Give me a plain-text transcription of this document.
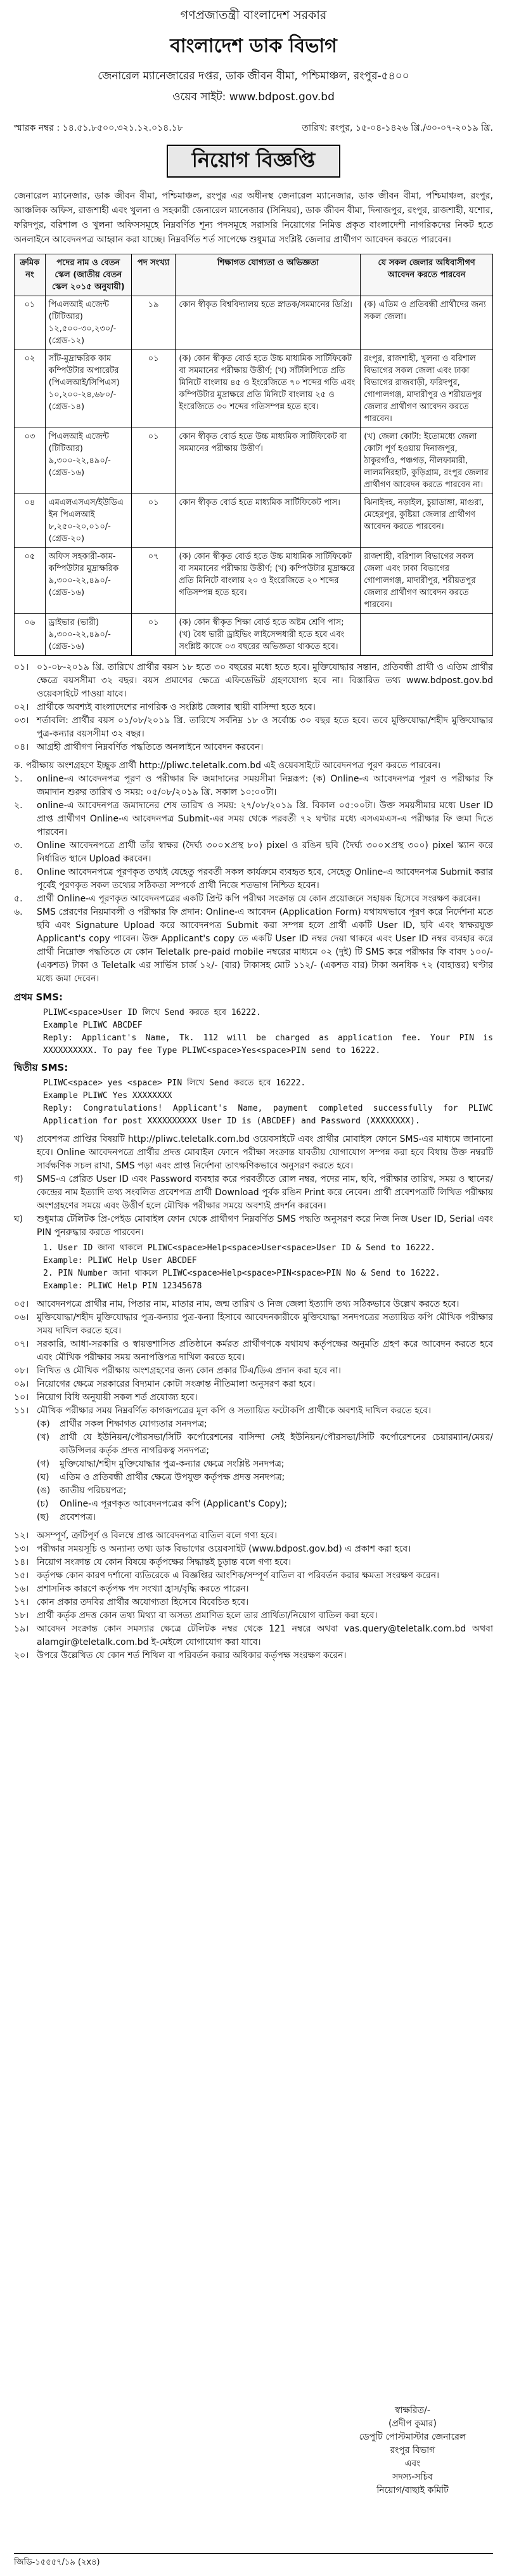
গণপ্রজাতন্ত্রী বাংলাদেশ সরকার
বাংলাদেশ ডাক বিভাগ
জেনারেল ম্যানেজারের দপ্তর, ডাক জীবন বীমা, পশ্চিমাঞ্চল, রংপুর-৫৪০০
ওয়েব সাইট: www.bdpost.gov.bd
স্মারক নম্বর : ১৪.৫১.৮৫০০.৩২১.১২.০১৪.১৮	তারিখ: রংপুর, ১৫-০৪-১৪২৬ খ্রি./৩০-০৭-২০১৯ খ্রি.
নিয়োগ বিজ্ঞপ্তি
জেনারেল ম্যানেজার, ডাক জীবন বীমা, পশ্চিমাঞ্চল, রংপুর এর অধীনস্থ জেনারেল ম্যানেজার, ডাক জীবন বীমা, পশ্চিমাঞ্চল, রংপুর, আঞ্চলিক অফিস, রাজশাহী এবং খুলনা ও সহকারী জেনারেল ম্যানেজার (সিনিয়র), ডাক জীবন বীমা, দিনাজপুর, রংপুর, রাজশাহী, যশোর, ফরিদপুর, বরিশাল ও খুলনা অফিসসমূহে নিম্নবর্ণিত শূন্য পদসমূহে সরাসরি নিয়োগের নিমিত্ত প্রকৃত বাংলাদেশী নাগরিকদের নিকট হতে অনলাইনে আবেদনপত্র আহ্বান করা যাচ্ছে। নিম্নবর্ণিত শর্ত সাপেক্ষে শুধুমাত্র সংশ্লিষ্ট জেলার প্রার্থীগণ আবেদন করতে পারবেন।
ক্রমিক নং	পদের নাম ও বেতন স্কেল (জাতীয় বেতন স্কেল ২০১৫ অনুযায়ী)	পদ সংখ্যা	শিক্ষাগত যোগ্যতা ও অভিজ্ঞতা	যে সকল জেলার অধিবাসীগণ আবেদন করতে পারবেন
০১	পিএলআই এজেন্ট (টিটিআর) ১২,৫০০-৩০,২৩০/- (গ্রেড-১২)	১৯	কোন স্বীকৃত বিশ্ববিদ্যালয় হতে স্নাতক/সমমানের ডিগ্রি।	(ক) এতিম ও প্রতিবন্ধী প্রার্থীদের জন্য সকল জেলা।
০২	সাঁট-মুদ্রাক্ষরিক কাম কম্পিউটার অপারেটর (পিএলআই/সিপিএস) ১০,২০০-২৪,৬৮০/- (গ্রেড-১৪)	০১	(ক) কোন স্বীকৃত বোর্ড হতে উচ্চ মাধ্যমিক সার্টিফিকেট বা সমমানের পরীক্ষায় উত্তীর্ণ; (খ) সাঁটলিপিতে প্রতি মিনিটে বাংলায় ৪৫ ও ইংরেজিতে ৭০ শব্দের গতি এবং কম্পিউটার মুদ্রাক্ষরে প্রতি মিনিটে বাংলায় ২৫ ও ইংরেজিতে ৩০ শব্দের গতিসম্পন্ন হতে হবে।	রংপুর, রাজশাহী, খুলনা ও বরিশাল বিভাগের সকল জেলা এবং ঢাকা বিভাগের রাজবাড়ী, ফরিদপুর, গোপালগঞ্জ, মাদারীপুর ও শরীয়তপুর জেলার প্রার্থীগণ আবেদন করতে পারবেন।
০৩	পিএলআই এজেন্ট (টিটিআর) ৯,৩০০-২২,৪৯০/- (গ্রেড-১৬)	০১	কোন স্বীকৃত বোর্ড হতে উচ্চ মাধ্যমিক সার্টিফিকেট বা সমমানের পরীক্ষায় উত্তীর্ণ।	(খ) জেলা কোটা: ইতোমধ্যে জেলা কোটা পূর্ণ হওয়ায় দিনাজপুর, ঠাকুরগাঁও, পঞ্চগড়, নীলফামারী, লালমনিরহাট, কুড়িগ্রাম, রংপুর জেলার প্রার্থীগণ আবেদন করতে পারবেন না।
০৪	এমএলএসএস/ইউডিএ ইন পিএলআই ৮,২৫০-২০,০১০/- (গ্রেড-২০)	০১	কোন স্বীকৃত বোর্ড হতে মাধ্যমিক সার্টিফিকেট পাস।	ঝিনাইদহ, নড়াইল, চুয়াডাঙ্গা, মাগুরা, মেহেরপুর, কুষ্টিয়া জেলার প্রার্থীগণ আবেদন করতে পারবেন।
০৫	অফিস সহকারী-কাম-কম্পিউটার মুদ্রাক্ষরিক ৯,৩০০-২২,৪৯০/- (গ্রেড-১৬)	০৭	(ক) কোন স্বীকৃত বোর্ড হতে উচ্চ মাধ্যমিক সার্টিফিকেট বা সমমানের পরীক্ষায় উত্তীর্ণ; (খ) কম্পিউটার মুদ্রাক্ষরে প্রতি মিনিটে বাংলায় ২০ ও ইংরেজিতে ২০ শব্দের গতিসম্পন্ন হতে হবে।	রাজশাহী, বরিশাল বিভাগের সকল জেলা এবং ঢাকা বিভাগের গোপালগঞ্জ, মাদারীপুর, শরীয়তপুর জেলার প্রার্থীগণ আবেদন করতে পারবেন।
০৬	ড্রাইভার (ভারী) ৯,৩০০-২২,৪৯০/- (গ্রেড-১৬)	০১	(ক) কোন স্বীকৃত শিক্ষা বোর্ড হতে অষ্টম শ্রেণি পাস; (খ) বৈধ ভারী ড্রাইভিং লাইসেন্সধারী হতে হবে এবং সংশ্লিষ্ট কাজে ০৩ বছরের অভিজ্ঞতা থাকতে হবে।	
০১। ০১-০৮-২০১৯ খ্রি. তারিখে প্রার্থীর বয়স ১৮ হতে ৩০ বছরের মধ্যে হতে হবে। মুক্তিযোদ্ধার সন্তান, প্রতিবন্ধী প্রার্থী ও এতিম প্রার্থীর ক্ষেত্রে বয়সসীমা ৩২ বছর। বয়স প্রমাণের ক্ষেত্রে এফিডেভিট গ্রহণযোগ্য হবে না। বিস্তারিত তথ্য www.bdpost.gov.bd ওয়েবসাইটে পাওয়া যাবে।
০২। প্রার্থীকে অবশ্যই বাংলাদেশের নাগরিক ও সংশ্লিষ্ট জেলার স্থায়ী বাসিন্দা হতে হবে।
০৩। শর্তাবলি: প্রার্থীর বয়স ০১/০৮/২০১৯ খ্রি. তারিখে সর্বনিম্ন ১৮ ও সর্বোচ্চ ৩০ বছর হতে হবে। তবে মুক্তিযোদ্ধা/শহীদ মুক্তিযোদ্ধার পুত্র-কন্যার বয়সসীমা ৩২ বছর।
০৪। আগ্রহী প্রার্থীগণ নিম্নবর্ণিত পদ্ধতিতে অনলাইনে আবেদন করবেন।
ক. পরীক্ষায় অংশগ্রহণে ইচ্ছুক প্রার্থী http://pliwc.teletalk.com.bd এই ওয়েবসাইটে আবেদনপত্র পূরণ করতে পারবেন।
১.	online-এ আবেদনপত্র পূরণ ও পরীক্ষার ফি জমাদানের সময়সীমা নিম্নরূপ: (ক) Online-এ আবেদনপত্র পূরণ ও পরীক্ষার ফি জমাদান শুরুর তারিখ ও সময়: ০৫/০৮/২০১৯ খ্রি. সকাল ১০:০০টা।
২.	online-এ আবেদনপত্র জমাদানের শেষ তারিখ ও সময়: ২৭/০৮/২০১৯ খ্রি. বিকাল ০৫:০০টা। উক্ত সময়সীমার মধ্যে User ID প্রাপ্ত প্রার্থীগণ Online-এ আবেদনপত্র Submit-এর সময় থেকে পরবর্তী ৭২ ঘণ্টার মধ্যে এসএমএস-এ পরীক্ষার ফি জমা দিতে পারবেন।
৩.	Online আবেদনপত্রে প্রার্থী তাঁর স্বাক্ষর (দৈর্ঘ্য ৩০০×প্রস্থ ৮০) pixel ও রঙিন ছবি (দৈর্ঘ্য ৩০০×প্রস্থ ৩০০) pixel স্ক্যান করে নির্ধারিত স্থানে Upload করবেন।
৪.	Online আবেদনপত্রে পূরণকৃত তথ্যই যেহেতু পরবর্তী সকল কার্যক্রমে ব্যবহৃত হবে, সেহেতু Online-এ আবেদনপত্র Submit করার পূর্বেই পূরণকৃত সকল তথ্যের সঠিকতা সম্পর্কে প্রার্থী নিজে শতভাগ নিশ্চিত হবেন।
৫.	প্রার্থী Online-এ পূরণকৃত আবেদনপত্রের একটি প্রিন্ট কপি পরীক্ষা সংক্রান্ত যে কোন প্রয়োজনে সহায়ক হিসেবে সংরক্ষণ করবেন।
৬.	SMS প্রেরণের নিয়মাবলী ও পরীক্ষার ফি প্রদান: Online-এ আবেদন (Application Form) যথাযথভাবে পূরণ করে নির্দেশনা মতে ছবি এবং Signature Upload করে আবেদনপত্র Submit করা সম্পন্ন হলে প্রার্থী একটি User ID, ছবি এবং স্বাক্ষরযুক্ত Applicant's copy পাবেন। উক্ত Applicant's copy তে একটি User ID নম্বর দেয়া থাকবে এবং User ID নম্বর ব্যবহার করে প্রার্থী নিম্নোক্ত পদ্ধতিতে যে কোন Teletalk pre-paid mobile নম্বরের মাধ্যমে ০২ (দুই) টি SMS করে পরীক্ষার ফি বাবদ ১০০/- (একশত) টাকা ও Teletalk এর সার্ভিস চার্জ ১২/- (বার) টাকাসহ মোট ১১২/- (একশত বার) টাকা অনধিক ৭২ (বাহাত্তর) ঘণ্টার মধ্যে জমা দেবেন।
প্রথম SMS:
PLIWC<space>User ID লিখে Send করতে হবে 16222.
Example PLIWC ABCDEF
Reply: Applicant's Name, Tk. 112 will be charged as application fee. Your PIN is XXXXXXXXXX. To pay fee Type PLIWC<space>Yes<space>PIN send to 16222.
দ্বিতীয় SMS:
PLIWC<space> yes <space> PIN লিখে Send করতে হবে 16222.
Example PLIWC Yes XXXXXXXX
Reply: Congratulations! Applicant's Name, payment completed successfully for PLIWC Application for post XXXXXXXXXX User ID is (ABCDEF) and Password (XXXXXXXX).
খ)	প্রবেশপত্র প্রাপ্তির বিষয়টি http://pliwc.teletalk.com.bd ওয়েবসাইটে এবং প্রার্থীর মোবাইল ফোনে SMS-এর মাধ্যমে জানানো হবে। Online আবেদনপত্রে প্রার্থীর প্রদত্ত মোবাইল ফোনে পরীক্ষা সংক্রান্ত যাবতীয় যোগাযোগ সম্পন্ন করা হবে বিধায় উক্ত নম্বরটি সার্বক্ষণিক সচল রাখা, SMS পড়া এবং প্রাপ্ত নির্দেশনা তাৎক্ষণিকভাবে অনুসরণ করতে হবে।
গ)	SMS-এ প্রেরিত User ID এবং Password ব্যবহার করে পরবর্তীতে রোল নম্বর, পদের নাম, ছবি, পরীক্ষার তারিখ, সময় ও স্থানের/কেন্দ্রের নাম ইত্যাদি তথ্য সংবলিত প্রবেশপত্র প্রার্থী Download পূর্বক রঙিন Print করে নেবেন। প্রার্থী প্রবেশপত্রটি লিখিত পরীক্ষায় অংশগ্রহণের সময়ে এবং উত্তীর্ণ হলে মৌখিক পরীক্ষার সময়ে অবশ্যই প্রদর্শন করবেন।
ঘ)	শুধুমাত্র টেলিটক প্রি-পেইড মোবাইল ফোন থেকে প্রার্থীগণ নিম্নবর্ণিত SMS পদ্ধতি অনুসরণ করে নিজ নিজ User ID, Serial এবং PIN পুনরুদ্ধার করতে পারবেন।
1. User ID জানা থাকলে PLIWC<space>Help<space>User<space>User ID & Send to 16222.
Example: PLIWC Help User ABCDEF
2. PIN Number জানা থাকলে PLIWC<space>Help<space>PIN<space>PIN No & Send to 16222.
Example: PLIWC Help PIN 12345678
০৫। আবেদনপত্রে প্রার্থীর নাম, পিতার নাম, মাতার নাম, জন্ম তারিখ ও নিজ জেলা ইত্যাদি তথ্য সঠিকভাবে উল্লেখ করতে হবে।
০৬। মুক্তিযোদ্ধা/শহীদ মুক্তিযোদ্ধার পুত্র-কন্যার পুত্র-কন্যা হিসাবে আবেদনকারীকে মুক্তিযোদ্ধা সনদপত্রের সত্যায়িত কপি মৌখিক পরীক্ষার সময় দাখিল করতে হবে।
০৭। সরকারি, আধা-সরকারি ও স্বায়ত্তশাসিত প্রতিষ্ঠানে কর্মরত প্রার্থীগণকে যথাযথ কর্তৃপক্ষের অনুমতি গ্রহণ করে আবেদন করতে হবে এবং মৌখিক পরীক্ষার সময় অনাপত্তিপত্র দাখিল করতে হবে।
০৮। লিখিত ও মৌখিক পরীক্ষায় অংশগ্রহণের জন্য কোন প্রকার টিএ/ডিএ প্রদান করা হবে না।
০৯। নিয়োগের ক্ষেত্রে সরকারের বিদ্যমান কোটা সংক্রান্ত নীতিমালা অনুসরণ করা হবে।
১০। নিয়োগ বিধি অনুযায়ী সকল শর্ত প্রযোজ্য হবে।
১১। মৌখিক পরীক্ষার সময় নিম্নবর্ণিত কাগজপত্রের মূল কপি ও সত্যায়িত ফটোকপি প্রার্থীকে অবশ্যই দাখিল করতে হবে।
(ক)	প্রার্থীর সকল শিক্ষাগত যোগ্যতার সনদপত্র;
(খ)	প্রার্থী যে ইউনিয়ন/পৌরসভা/সিটি কর্পোরেশনের বাসিন্দা সেই ইউনিয়ন/পৌরসভা/সিটি কর্পোরেশনের চেয়ারম্যান/মেয়র/কাউন্সিলর কর্তৃক প্রদত্ত নাগরিকত্ব সনদপত্র;
(গ)	মুক্তিযোদ্ধা/শহীদ মুক্তিযোদ্ধার পুত্র-কন্যার ক্ষেত্রে সংশ্লিষ্ট সনদপত্র;
(ঘ)	এতিম ও প্রতিবন্ধী প্রার্থীর ক্ষেত্রে উপযুক্ত কর্তৃপক্ষ প্রদত্ত সনদপত্র;
(ঙ)	জাতীয় পরিচয়পত্র;
(চ)	Online-এ পূরণকৃত আবেদনপত্রের কপি (Applicant's Copy);
(ছ)	প্রবেশপত্র।
১২। অসম্পূর্ণ, ত্রুটিপূর্ণ ও বিলম্বে প্রাপ্ত আবেদনপত্র বাতিল বলে গণ্য হবে।
১৩। পরীক্ষার সময়সূচি ও অন্যান্য তথ্য ডাক বিভাগের ওয়েবসাইট (www.bdpost.gov.bd) এ প্রকাশ করা হবে।
১৪। নিয়োগ সংক্রান্ত যে কোন বিষয়ে কর্তৃপক্ষের সিদ্ধান্তই চূড়ান্ত বলে গণ্য হবে।
১৫। কর্তৃপক্ষ কোন কারণ দর্শানো ব্যতিরেকে এ বিজ্ঞপ্তির আংশিক/সম্পূর্ণ বাতিল বা পরিবর্তন করার ক্ষমতা সংরক্ষণ করেন।
১৬। প্রশাসনিক কারণে কর্তৃপক্ষ পদ সংখ্যা হ্রাস/বৃদ্ধি করতে পারেন।
১৭। কোন প্রকার তদবির প্রার্থীর অযোগ্যতা হিসেবে বিবেচিত হবে।
১৮। প্রার্থী কর্তৃক প্রদত্ত কোন তথ্য মিথ্যা বা অসত্য প্রমাণিত হলে তার প্রার্থিতা/নিয়োগ বাতিল করা হবে।
১৯। আবেদন সংক্রান্ত কোন সমস্যার ক্ষেত্রে টেলিটক নম্বর থেকে 121 নম্বরে অথবা vas.query@teletalk.com.bd অথবা alamgir@teletalk.com.bd ই-মেইলে যোগাযোগ করা যাবে।
২০। উপরে উল্লেখিত যে কোন শর্ত শিথিল বা পরিবর্তন করার অধিকার কর্তৃপক্ষ সংরক্ষণ করেন।
স্বাক্ষরিত/-
(প্রদীপ কুমার)
ডেপুটি পোস্টমাস্টার জেনারেল
রংপুর বিভাগ
এবং
সদস্য-সচিব
নিয়োগ/বাছাই কমিটি
জিডি-১৫৫৫৭/১৯ (২x৪)
